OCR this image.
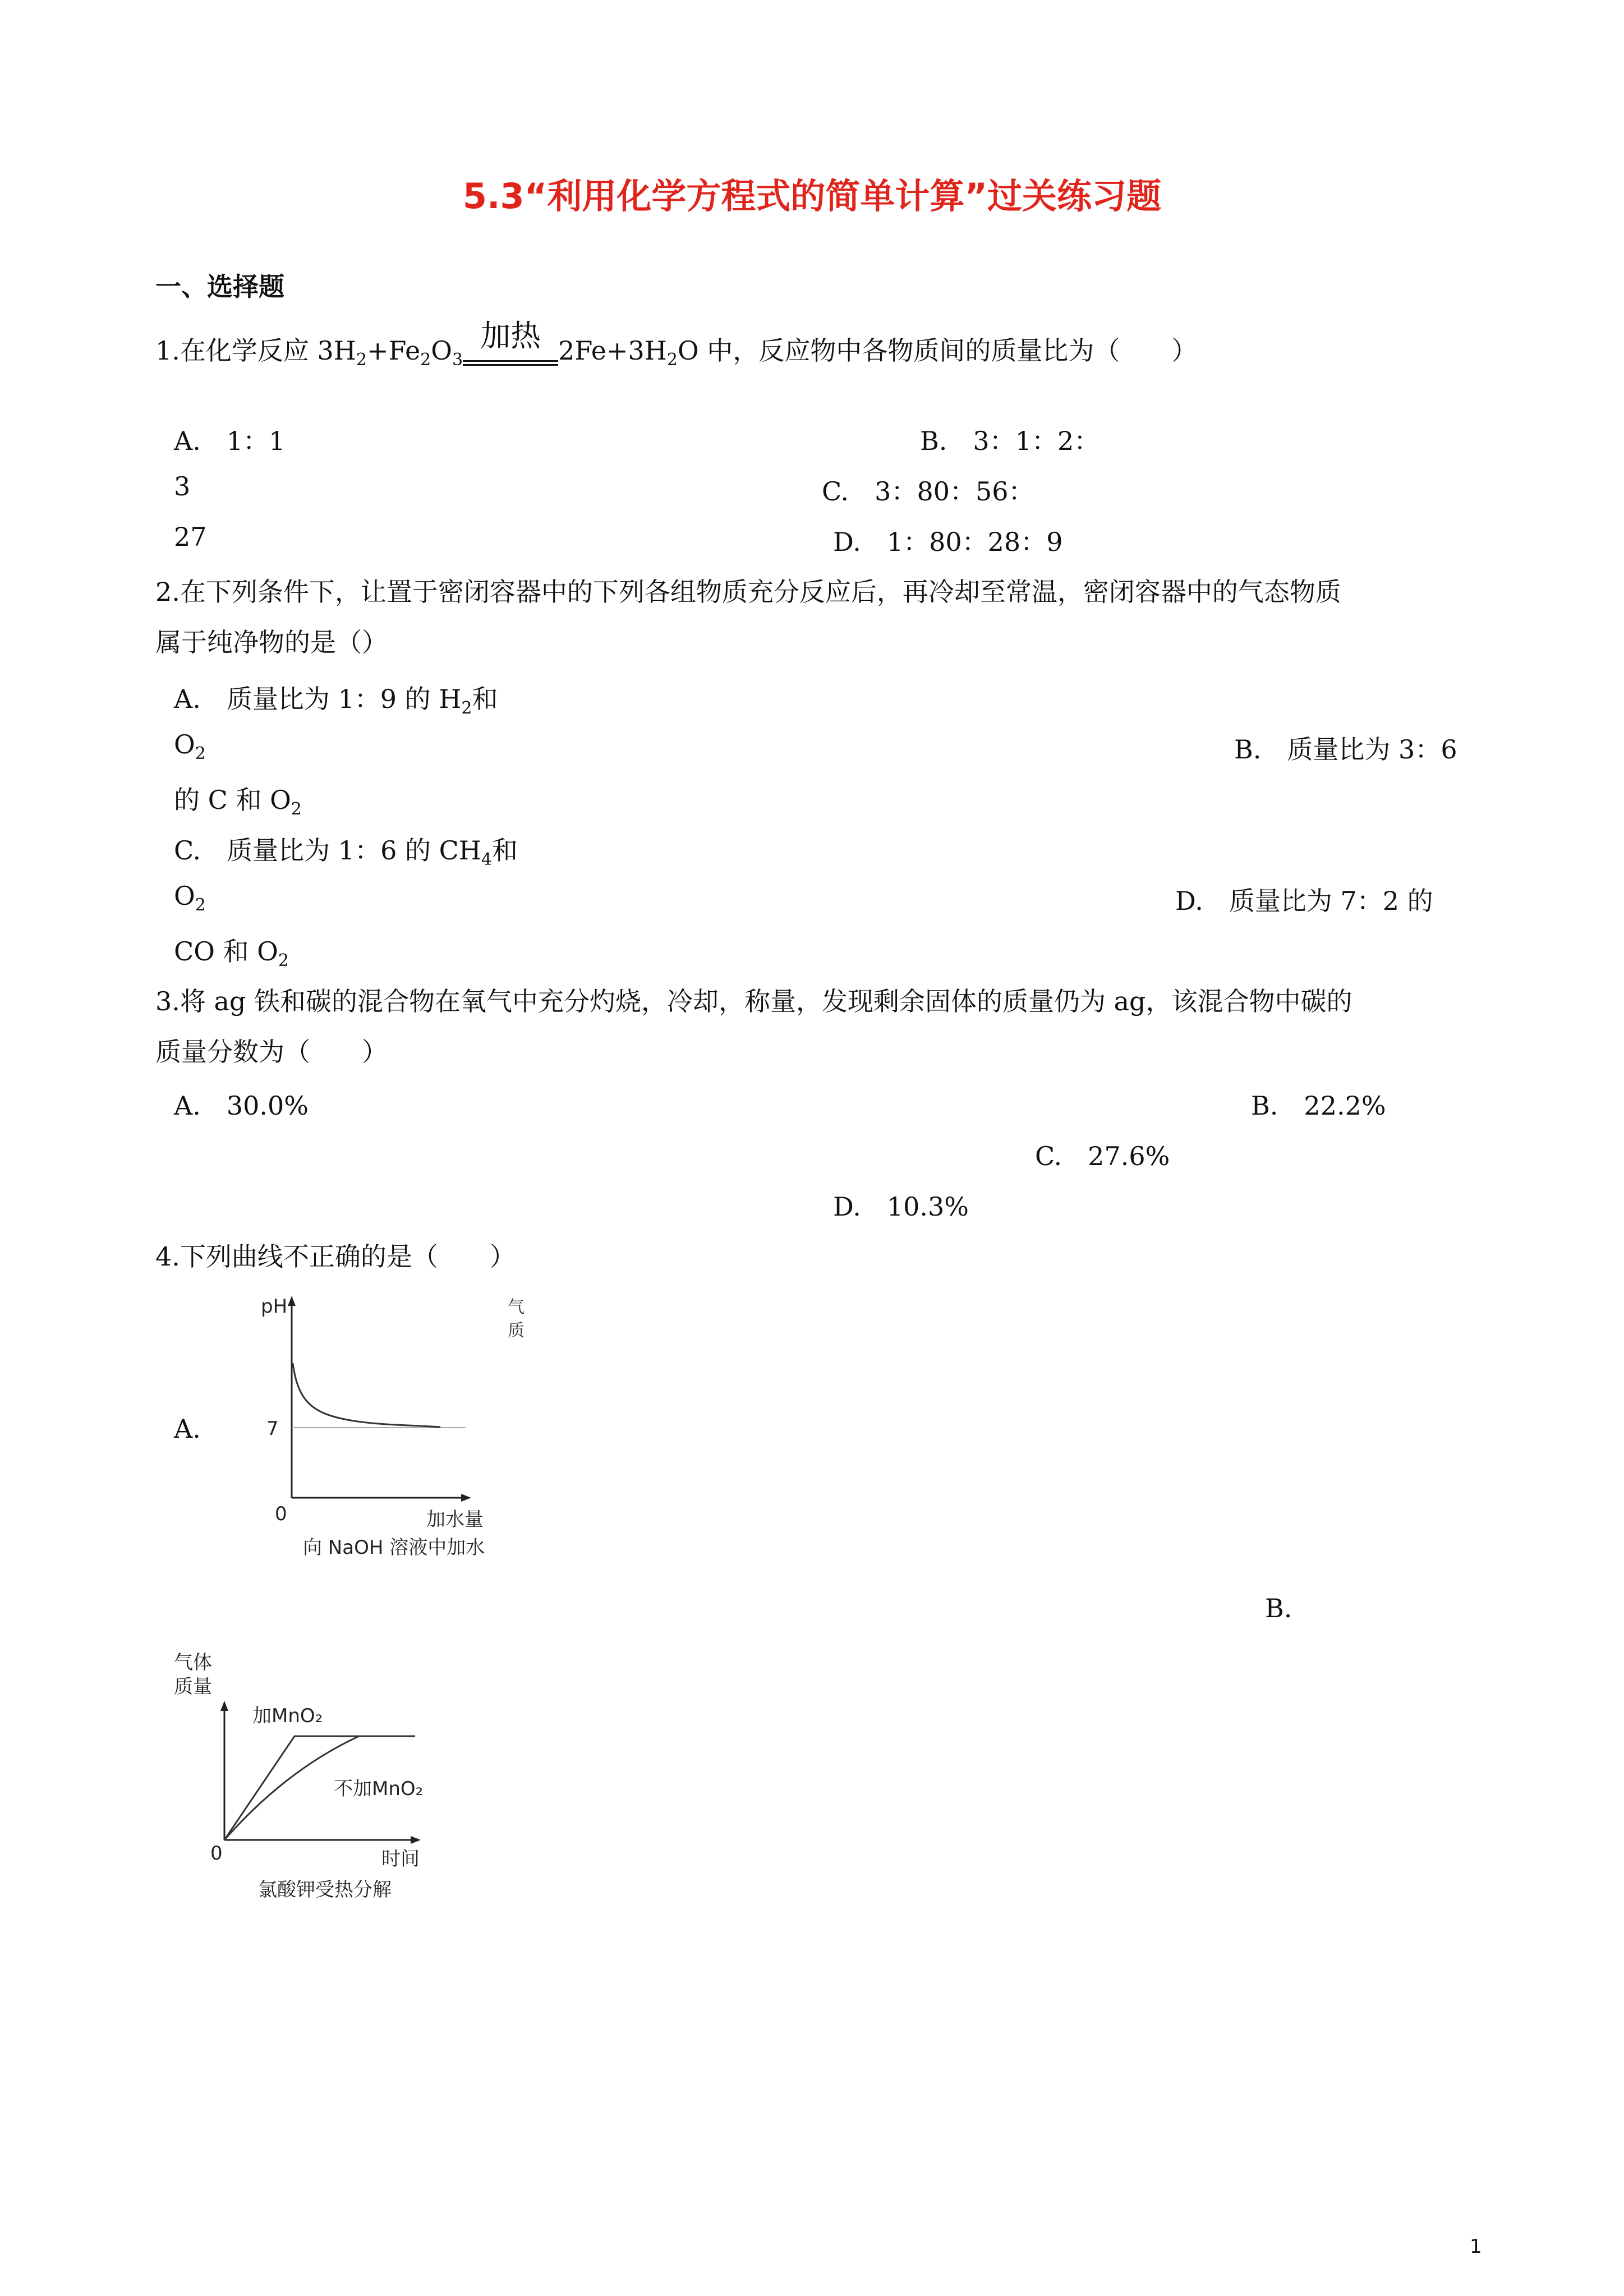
5.3“利用化学方程式的简单计算”过关练习题
一、选择题
1.在化学反应 $3H_2+Fe_2O_3$
加热 $2Fe+3H_2O$ 中，反应物中各物质间的质量比为（　　）
A.　1：1	B.　3：1：2：
3	C.　3：80：56：
27	D.　1：80：28：9
2.在下列条件下，让置于密闭容器中的下列各组物质充分反应后，再冷却至常温，密闭容器中的气态物质
属于纯净物的是（）
A.　质量比为 1：9 的 $H_2$和
$O_2$	B.　质量比为 3：6
的 C 和 $O_2$
C.　质量比为 1：6 的 $CH_4$和
$O_2$	D.　质量比为 7：2 的
CO 和 $O_2$
3.将 ag 铁和碳的混合物在氧气中充分灼烧，冷却，称量，发现剩余固体的质量仍为 ag，该混合物中碳的
质量分数为（　　）
A.　30.0%	B.　22.2%
C.　27.6%
D.　10.3%
4.下列曲线不正确的是（　　）
A.
B.
pH
7
0	加水量
向 NaOH 溶液中加水
气
质
气体
质量
加MnO₂
不加MnO₂
0	时间
氯酸钾受热分解
1
